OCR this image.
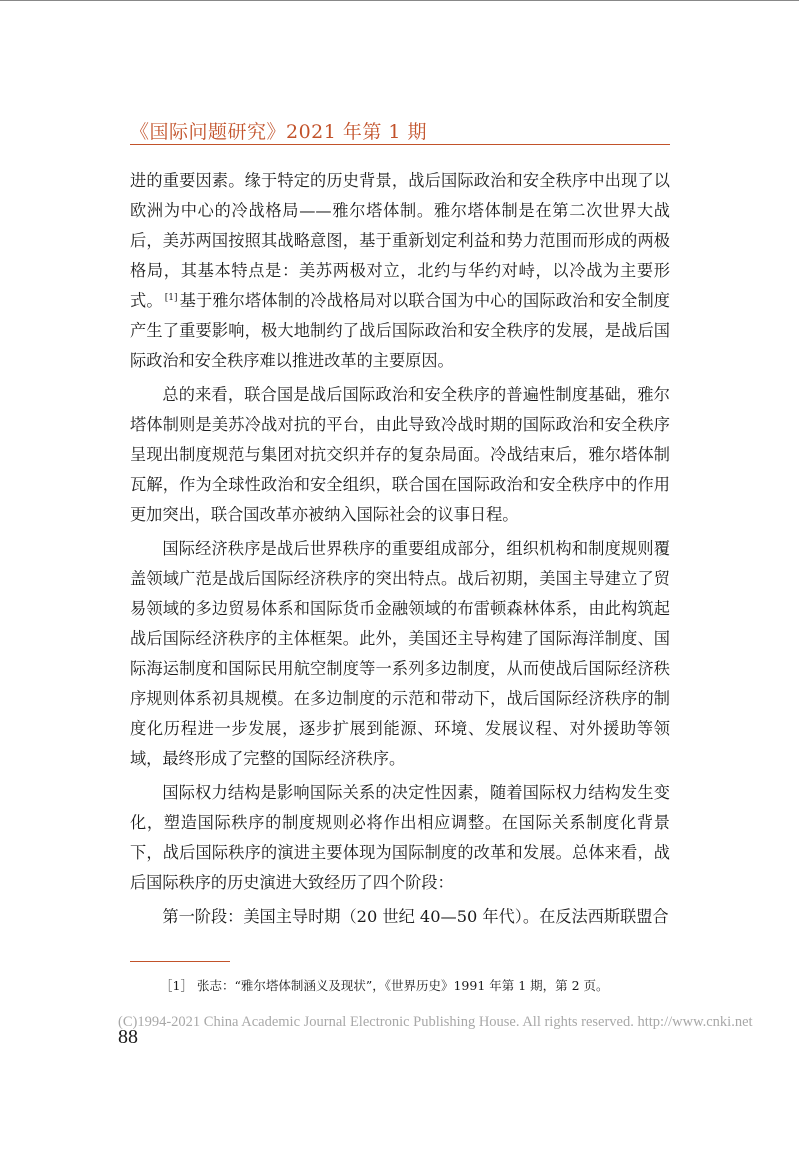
《国际问题研究》2021 年第 1 期

进的重要因素。缘于特定的历史背景，战后国际政治和安全秩序中出现了以欧洲为中心的冷战格局——雅尔塔体制。雅尔塔体制是在第二次世界大战后，美苏两国按照其战略意图，基于重新划定利益和势力范围而形成的两极格局，其基本特点是：美苏两极对立，北约与华约对峙，以冷战为主要形式。 [1] 基于雅尔塔体制的冷战格局对以联合国为中心的国际政治和安全制度产生了重要影响，极大地制约了战后国际政治和安全秩序的发展，是战后国际政治和安全秩序难以推进改革的主要原因。

总的来看，联合国是战后国际政治和安全秩序的普遍性制度基础，雅尔塔体制则是美苏冷战对抗的平台，由此导致冷战时期的国际政治和安全秩序呈现出制度规范与集团对抗交织并存的复杂局面。冷战结束后，雅尔塔体制瓦解，作为全球性政治和安全组织，联合国在国际政治和安全秩序中的作用更加突出，联合国改革亦被纳入国际社会的议事日程。

国际经济秩序是战后世界秩序的重要组成部分，组织机构和制度规则覆盖领域广范是战后国际经济秩序的突出特点。战后初期，美国主导建立了贸易领域的多边贸易体系和国际货币金融领域的布雷顿森林体系，由此构筑起战后国际经济秩序的主体框架。此外，美国还主导构建了国际海洋制度、国际海运制度和国际民用航空制度等一系列多边制度，从而使战后国际经济秩序规则体系初具规模。在多边制度的示范和带动下，战后国际经济秩序的制度化历程进一步发展，逐步扩展到能源、环境、发展议程、对外援助等领域，最终形成了完整的国际经济秩序。

国际权力结构是影响国际关系的决定性因素，随着国际权力结构发生变化，塑造国际秩序的制度规则必将作出相应调整。在国际关系制度化背景下，战后国际秩序的演进主要体现为国际制度的改革和发展。总体来看，战后国际秩序的历史演进大致经历了四个阶段：

第一阶段：美国主导时期（20 世纪 40—50 年代）。在反法西斯联盟合

［1］ 张志：“雅尔塔体制涵义及现状”，《世界历史》1991 年第 1 期，第 2 页。
(C)1994-2021 China Academic Journal Electronic Publishing House. All rights reserved. http://www.cnki.net
88
